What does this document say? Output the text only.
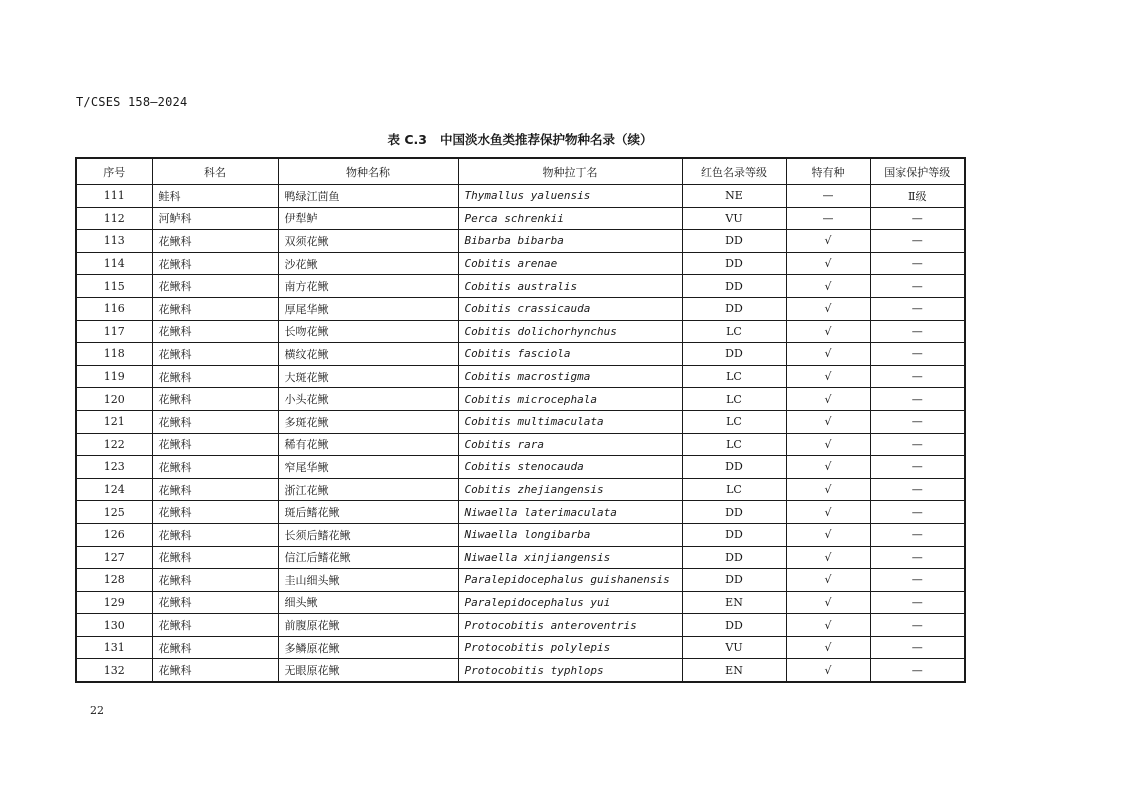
T/CSES 158—2024
表 C.3 中国淡水鱼类推荐保护物种名录（续）
序号	科名	物种名称	物种拉丁名	红色名录等级	特有种	国家保护等级
111	鲑科	鸭绿江茴鱼	Thymallus yaluensis	NE	—	Ⅱ级
112	河鲈科	伊犁鲈	Perca schrenkii	VU	—	—
113	花鳅科	双须花鳅	Bibarba bibarba	DD	√	—
114	花鳅科	沙花鳅	Cobitis arenae	DD	√	—
115	花鳅科	南方花鳅	Cobitis australis	DD	√	—
116	花鳅科	厚尾华鳅	Cobitis crassicauda	DD	√	—
117	花鳅科	长吻花鳅	Cobitis dolichorhynchus	LC	√	—
118	花鳅科	横纹花鳅	Cobitis fasciola	DD	√	—
119	花鳅科	大斑花鳅	Cobitis macrostigma	LC	√	—
120	花鳅科	小头花鳅	Cobitis microcephala	LC	√	—
121	花鳅科	多斑花鳅	Cobitis multimaculata	LC	√	—
122	花鳅科	稀有花鳅	Cobitis rara	LC	√	—
123	花鳅科	窄尾华鳅	Cobitis stenocauda	DD	√	—
124	花鳅科	浙江花鳅	Cobitis zhejiangensis	LC	√	—
125	花鳅科	斑后鳍花鳅	Niwaella laterimaculata	DD	√	—
126	花鳅科	长须后鳍花鳅	Niwaella longibarba	DD	√	—
127	花鳅科	信江后鳍花鳅	Niwaella xinjiangensis	DD	√	—
128	花鳅科	圭山细头鳅	Paralepidocephalus guishanensis	DD	√	—
129	花鳅科	细头鳅	Paralepidocephalus yui	EN	√	—
130	花鳅科	前腹原花鳅	Protocobitis anteroventris	DD	√	—
131	花鳅科	多鳞原花鳅	Protocobitis polylepis	VU	√	—
132	花鳅科	无眼原花鳅	Protocobitis typhlops	EN	√	—
22
